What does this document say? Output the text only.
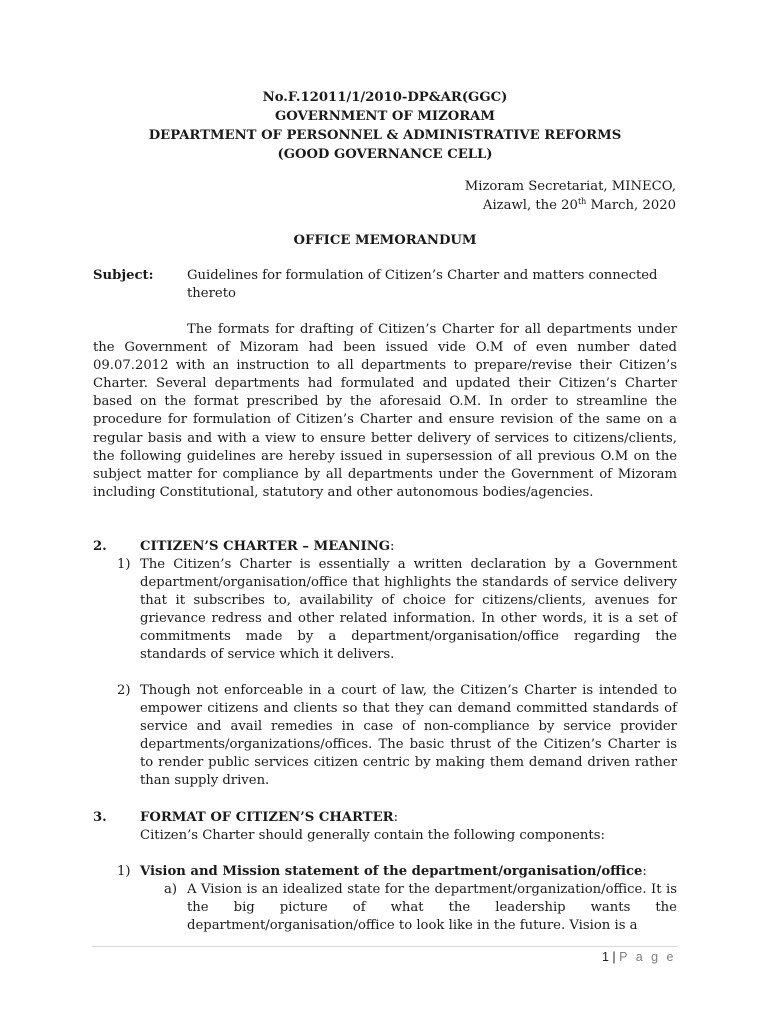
No.F.12011/1/2010-DP&AR(GGC)
GOVERNMENT OF MIZORAM
DEPARTMENT OF PERSONNEL & ADMINISTRATIVE REFORMS
(GOOD GOVERNANCE CELL)
Mizoram Secretariat, MINECO,
Aizawl, the 20th March, 2020
OFFICE MEMORANDUM
Subject:	Guidelines for formulation of Citizen’s Charter and matters connected thereto
The formats for drafting of Citizen’s Charter for all departments under the Government of Mizoram had been issued vide O.M of even number dated 09.07.2012 with an instruction to all departments to prepare/revise their Citizen’s Charter. Several departments had formulated and updated their Citizen’s Charter based on the format prescribed by the aforesaid O.M. In order to streamline the procedure for formulation of Citizen’s Charter and ensure revision of the same on a regular basis and with a view to ensure better delivery of services to citizens/clients, the following guidelines are hereby issued in supersession of all previous O.M on the subject matter for compliance by all departments under the Government of Mizoram including Constitutional, statutory and other autonomous bodies/agencies.
2.	CITIZEN’S CHARTER – MEANING:
1) The Citizen’s Charter is essentially a written declaration by a Government department/organisation/office that highlights the standards of service delivery that it subscribes to, availability of choice for citizens/clients, avenues for grievance redress and other related information. In other words, it is a set of commitments made by a department/organisation/office regarding the standards of service which it delivers.
2) Though not enforceable in a court of law, the Citizen’s Charter is intended to empower citizens and clients so that they can demand committed standards of service and avail remedies in case of non-compliance by service provider departments/organizations/offices. The basic thrust of the Citizen’s Charter is to render public services citizen centric by making them demand driven rather than supply driven.
3.	FORMAT OF CITIZEN’S CHARTER:
Citizen’s Charter should generally contain the following components:
1) Vision and Mission statement of the department/organisation/office:
a) A Vision is an idealized state for the department/organization/office. It is the big picture of what the leadership wants the department/organisation/office to look like in the future. Vision is a
1 | P a g e
